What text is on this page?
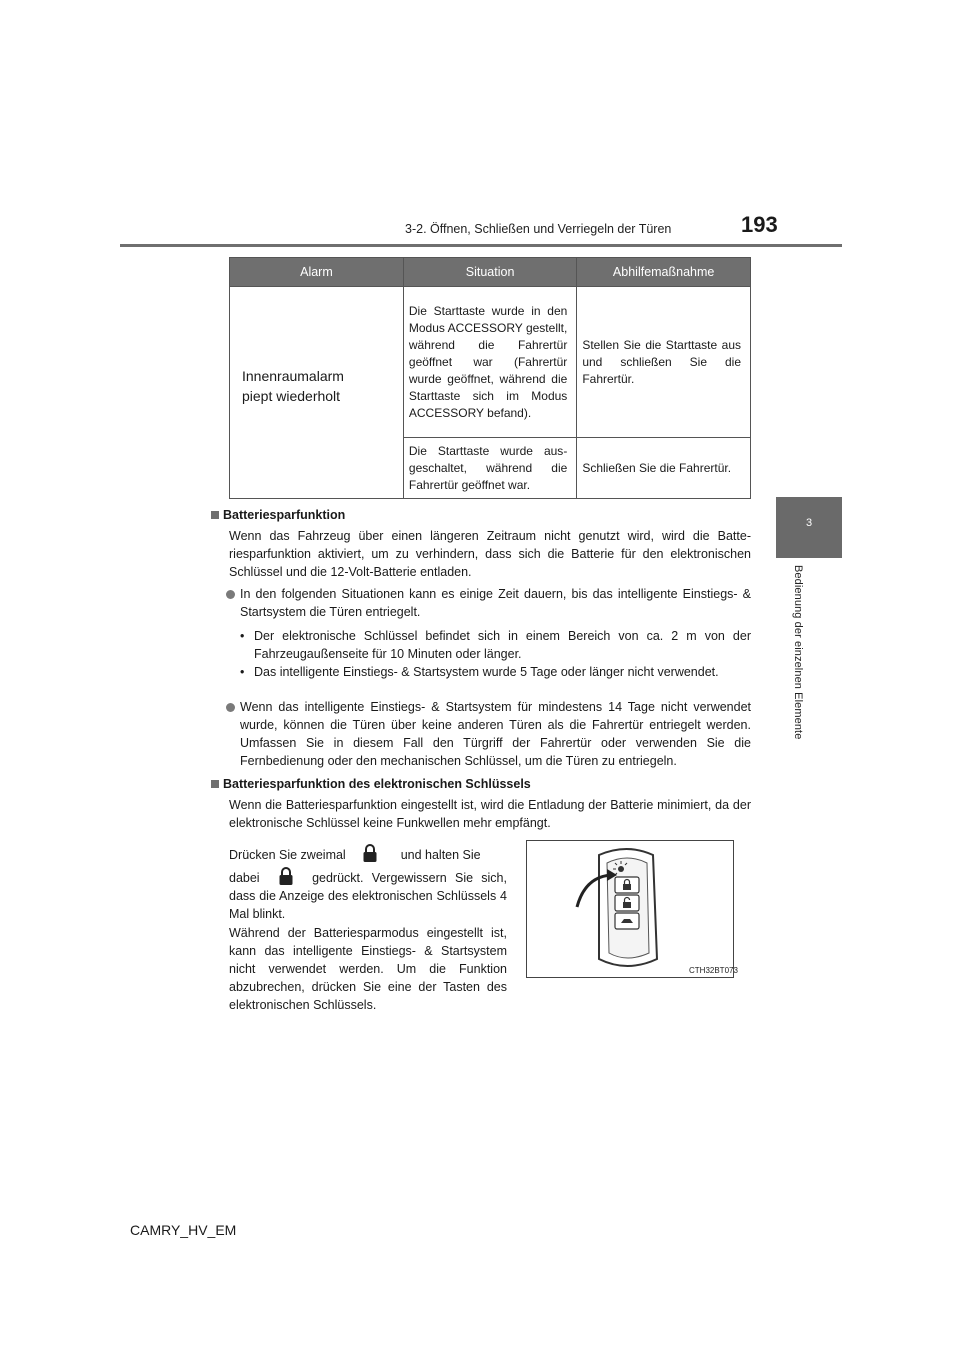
3-2. Öffnen, Schließen und Verriegeln der Türen	193
3
Bedienung der einzelnen Elemente
Alarm	Situation	Abhilfemaßnahme

Innenraumalarm
piept wiederholt	Die Starttaste wurde in den Modus ACCESSORY gestellt, während die Fahrertür geöffnet war (Fahrertür wurde geöffnet, während die Starttaste sich im Modus ACCESSORY befand).	Stellen Sie die Starttaste aus und schließen Sie die Fahrertür.
	Die Starttaste wurde ausgeschaltet, während die Fahrertür geöffnet war.	Schließen Sie die Fahrertür.
Batteriesparfunktion
Wenn das Fahrzeug über einen längeren Zeitraum nicht genutzt wird, wird die Batteriesparfunktion aktiviert, um zu verhindern, dass sich die Batterie für den elektronischen Schlüssel und die 12-Volt-Batterie entladen.
In den folgenden Situationen kann es einige Zeit dauern, bis das intelligente Einstiegs- & Startsystem die Türen entriegelt.
• Der elektronische Schlüssel befindet sich in einem Bereich von ca. 2 m von der Fahrzeugaußenseite für 10 Minuten oder länger.
• Das intelligente Einstiegs- & Startsystem wurde 5 Tage oder länger nicht verwendet.
Wenn das intelligente Einstiegs- & Startsystem für mindestens 14 Tage nicht verwendet wurde, können die Türen über keine anderen Türen als die Fahrertür entriegelt werden. Umfassen Sie in diesem Fall den Türgriff der Fahrertür oder verwenden Sie die Fernbedienung oder den mechanischen Schlüssel, um die Türen zu entriegeln.
Batteriesparfunktion des elektronischen Schlüssels
Wenn die Batteriesparfunktion eingestellt ist, wird die Entladung der Batterie minimiert, da der elektronische Schlüssel keine Funkwellen mehr empfängt.
Drücken Sie zweimal	und halten Sie
dabei	gedrückt. Vergewissern Sie sich, dass die Anzeige des elektronischen Schlüssels 4 Mal blinkt.
Während der Batteriesparmodus eingestellt ist, kann das intelligente Einstiegs- & Startsystem nicht verwendet werden. Um die Funktion abzubrechen, drücken Sie eine der Tasten des elektronischen Schlüssels.
CTH32BT073
CAMRY_HV_EM
